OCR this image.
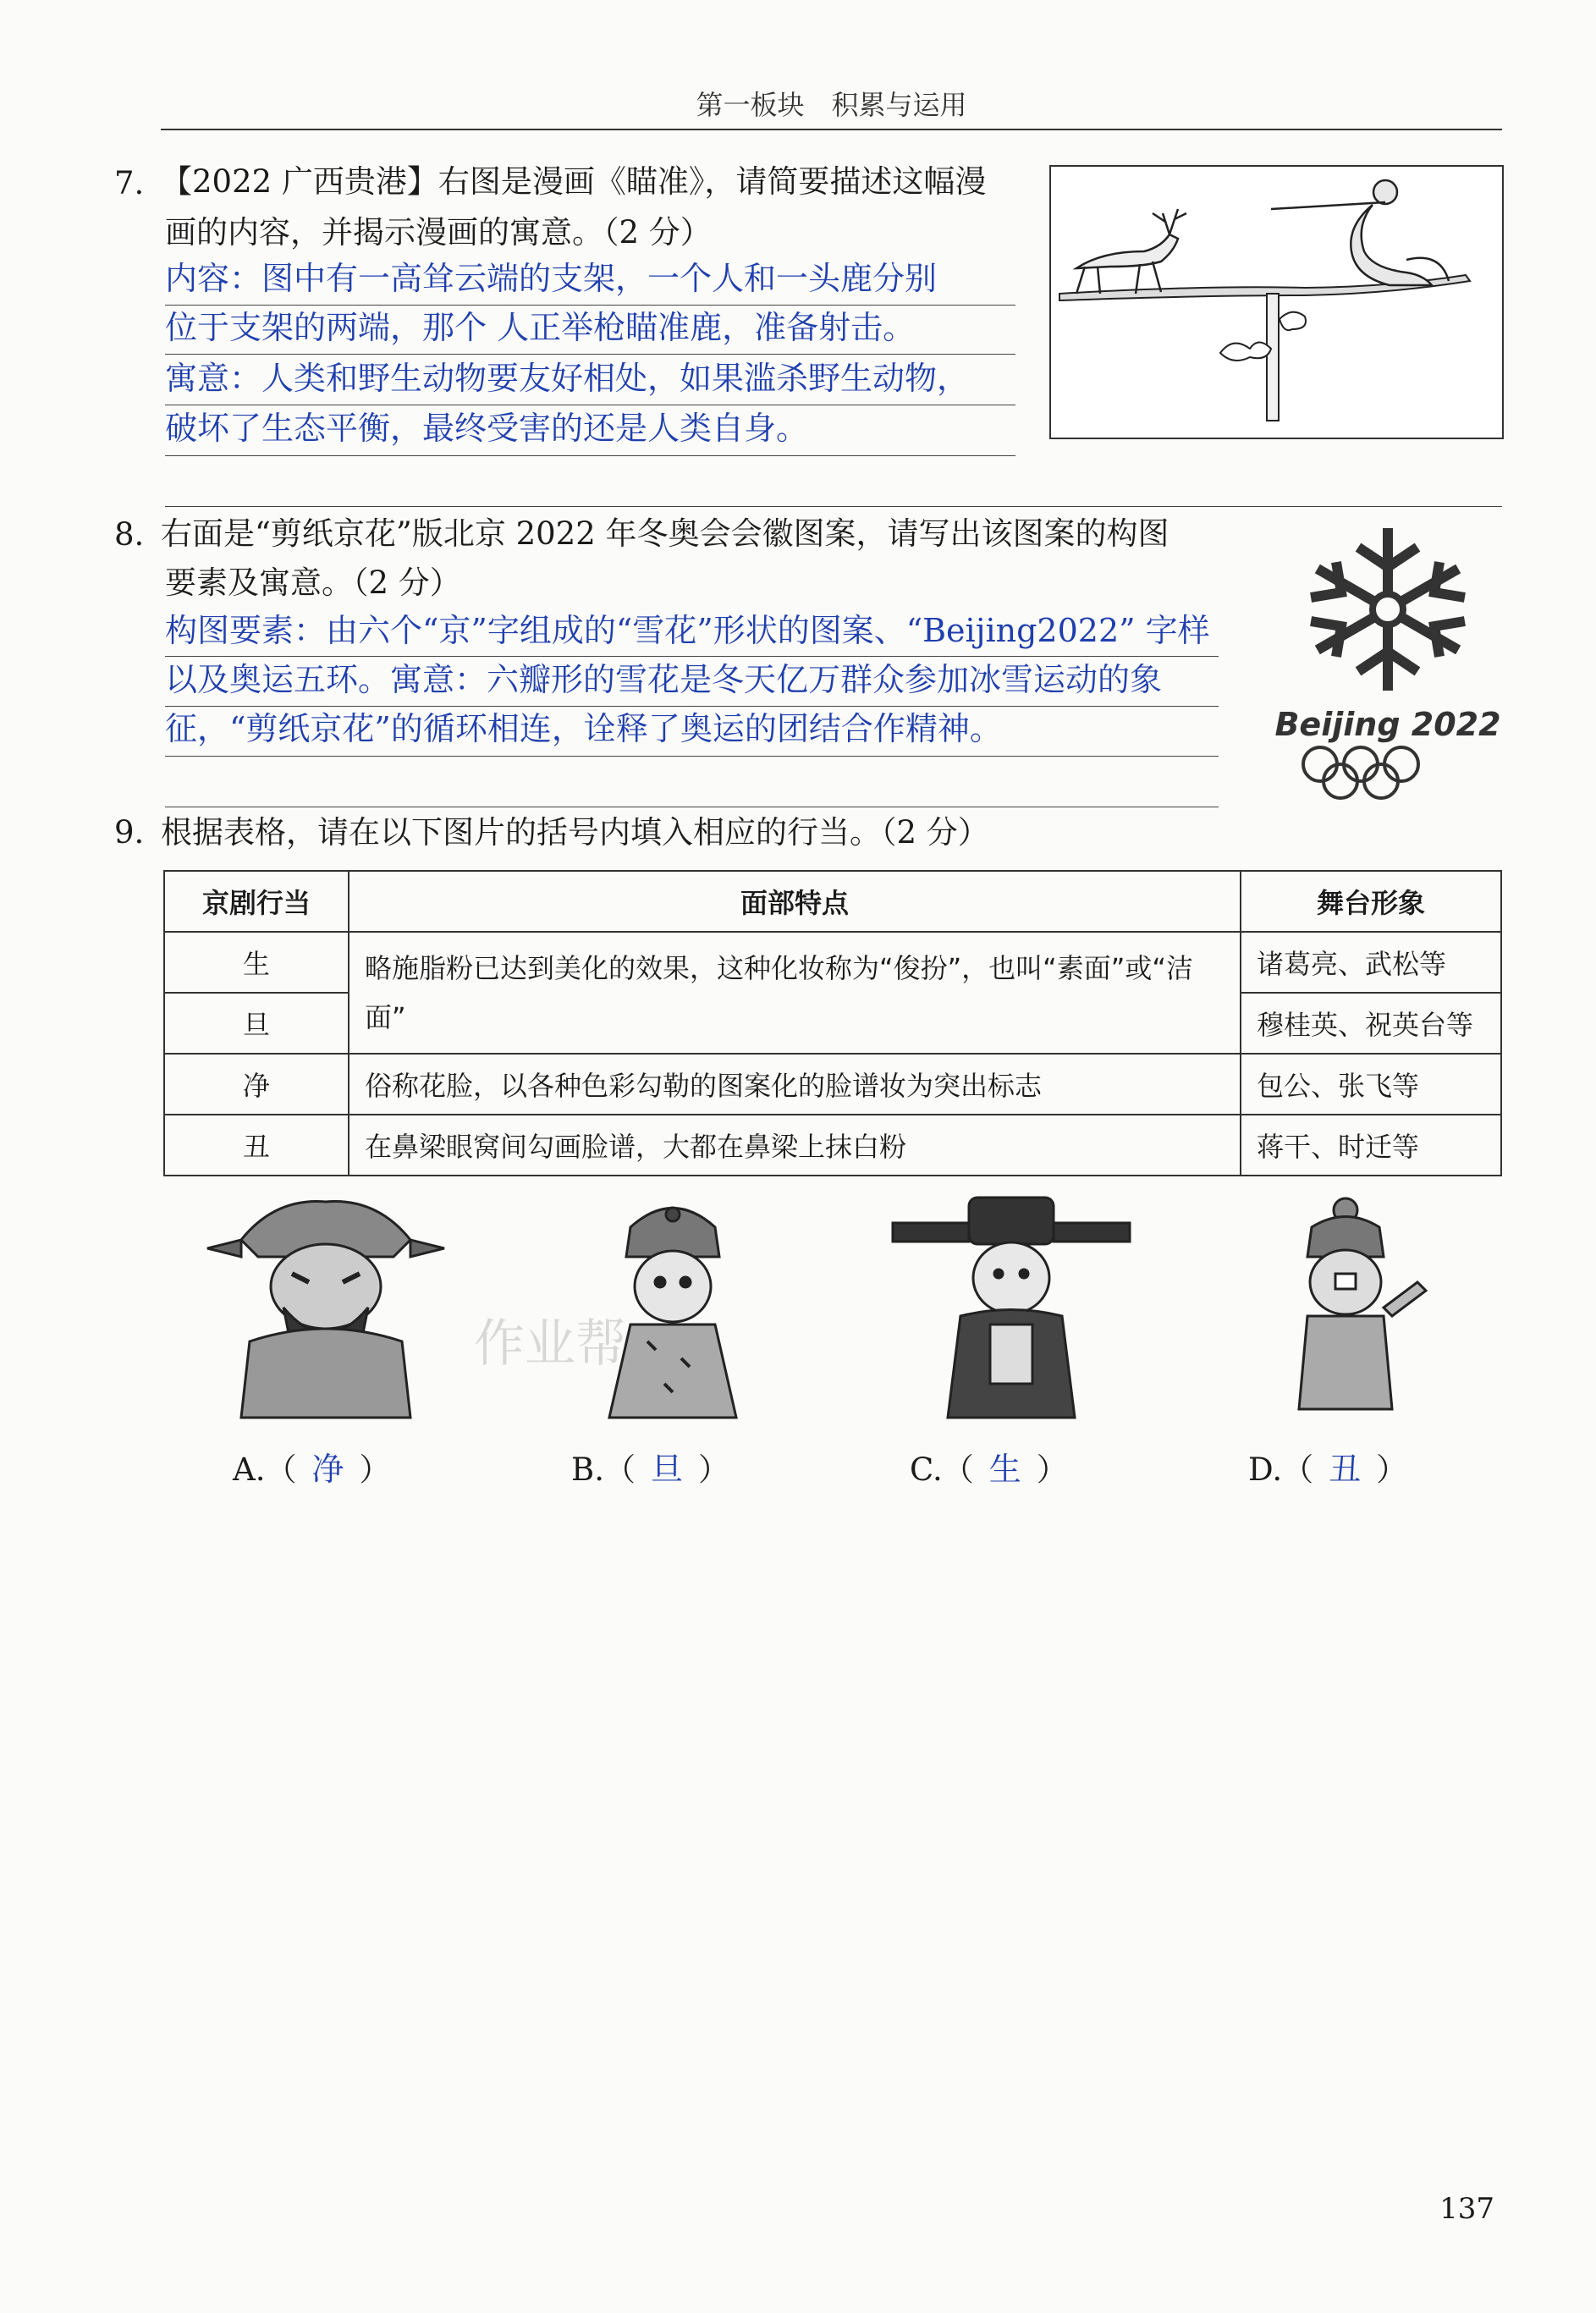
第一板块　积累与运用
7. 【2022 广西贵港】右图是漫画《瞄准》，请简要描述这幅漫
画的内容，并揭示漫画的寓意。（2 分）
内容：图中有一高耸云端的支架，一个人和一头鹿分别
位于支架的两端，那个 人正举枪瞄准鹿，准备射击。
寓意：人类和野生动物要友好相处，如果滥杀野生动物，
破坏了生态平衡，最终受害的还是人类自身。
8. 右面是“剪纸京花”版北京 2022 年冬奥会会徽图案，请写出该图案的构图
要素及寓意。（2 分）
构图要素：由六个“京”字组成的“雪花”形状的图案、“Beijing2022” 字样
以及奥运五环。寓意：六瓣形的雪花是冬天亿万群众参加冰雪运动的象
征，“剪纸京花”的循环相连，诠释了奥运的团结合作精神。	Beijing 2022
9. 根据表格，请在以下图片的括号内填入相应的行当。（2 分）
京剧行当	面部特点	舞台形象
生	略施脂粉已达到美化的效果，这种化妆称为“俊扮”，也叫“素面”或“洁面”	诸葛亮、武松等
旦		穆桂英、祝英台等
净	俗称花脸，以各种色彩勾勒的图案化的脸谱妆为突出标志	包公、张飞等
丑	在鼻梁眼窝间勾画脸谱，大都在鼻梁上抹白粉	蒋干、时迁等
A.（ 净 ）	B.（ 旦 ）	C.（ 生 ）	D.（ 丑 ）
作业帮
137
